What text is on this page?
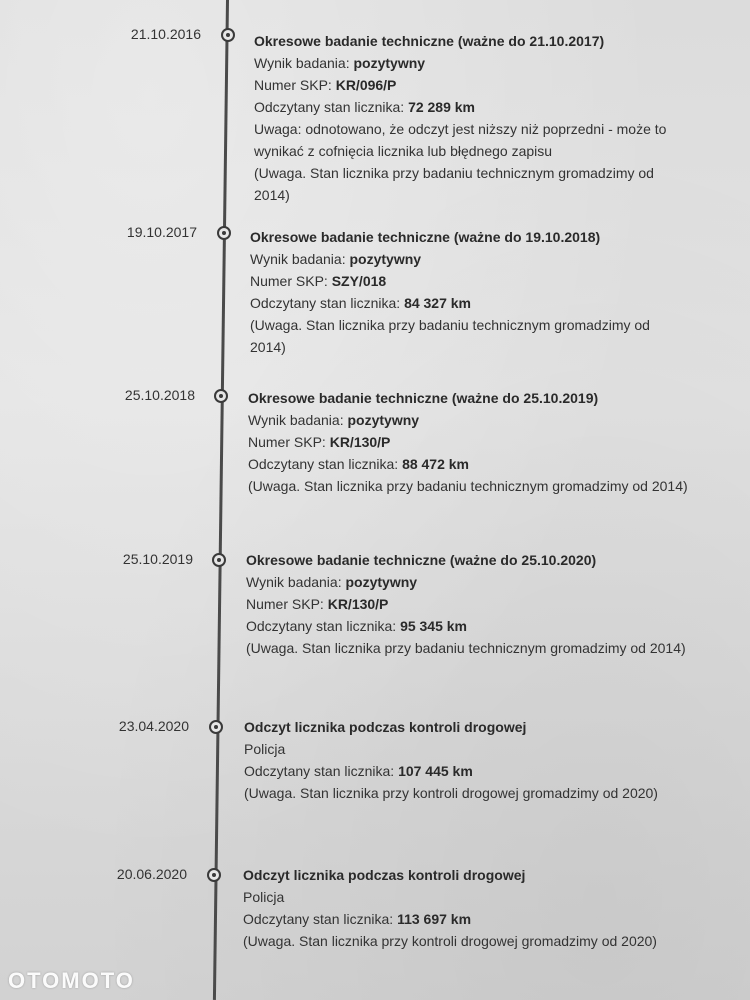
21.10.2016	Okresowe badanie techniczne (ważne do 21.10.2017)
Wynik badania: pozytywny
Numer SKP: KR/096/P
Odczytany stan licznika: 72 289 km
Uwaga: odnotowano, że odczyt jest niższy niż poprzedni - może to wynikać z cofnięcia licznika lub błędnego zapisu
(Uwaga. Stan licznika przy badaniu technicznym gromadzimy od 2014)
19.10.2017	Okresowe badanie techniczne (ważne do 19.10.2018)
Wynik badania: pozytywny
Numer SKP: SZY/018
Odczytany stan licznika: 84 327 km
(Uwaga. Stan licznika przy badaniu technicznym gromadzimy od 2014)
25.10.2018	Okresowe badanie techniczne (ważne do 25.10.2019)
Wynik badania: pozytywny
Numer SKP: KR/130/P
Odczytany stan licznika: 88 472 km
(Uwaga. Stan licznika przy badaniu technicznym gromadzimy od 2014)
25.10.2019	Okresowe badanie techniczne (ważne do 25.10.2020)
Wynik badania: pozytywny
Numer SKP: KR/130/P
Odczytany stan licznika: 95 345 km
(Uwaga. Stan licznika przy badaniu technicznym gromadzimy od 2014)
23.04.2020	Odczyt licznika podczas kontroli drogowej
Policja
Odczytany stan licznika: 107 445 km
(Uwaga. Stan licznika przy kontroli drogowej gromadzimy od 2020)
20.06.2020	Odczyt licznika podczas kontroli drogowej
Policja
Odczytany stan licznika: 113 697 km
(Uwaga. Stan licznika przy kontroli drogowej gromadzimy od 2020)
OTOMOTO
